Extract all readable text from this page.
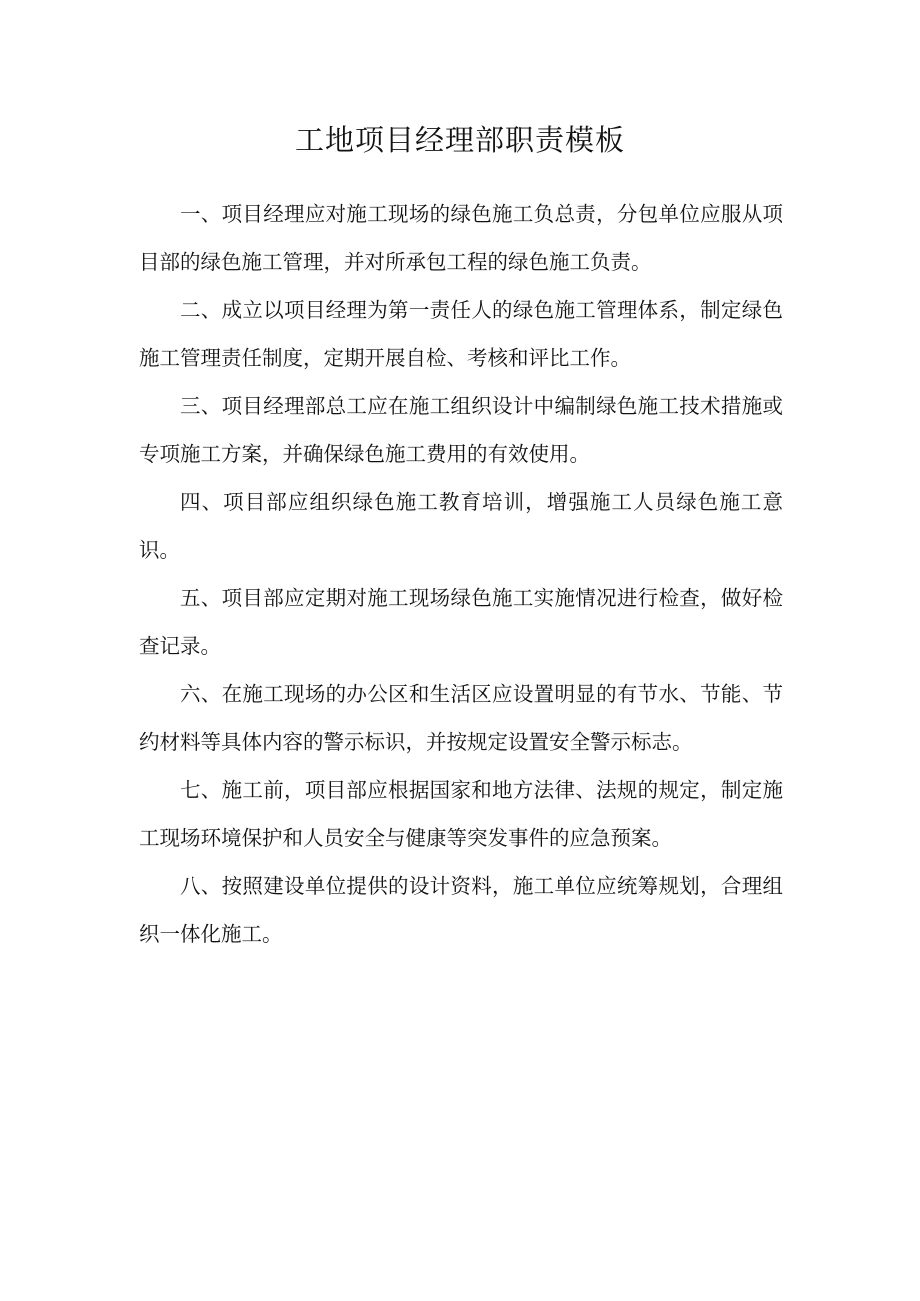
工地项目经理部职责模板

一、项目经理应对施工现场的绿色施工负总责，分包单位应服从项目部的绿色施工管理，并对所承包工程的绿色施工负责。

二、成立以项目经理为第一责任人的绿色施工管理体系，制定绿色施工管理责任制度，定期开展自检、考核和评比工作。

三、项目经理部总工应在施工组织设计中编制绿色施工技术措施或专项施工方案，并确保绿色施工费用的有效使用。

四、项目部应组织绿色施工教育培训，增强施工人员绿色施工意识。

五、项目部应定期对施工现场绿色施工实施情况进行检查，做好检查记录。

六、在施工现场的办公区和生活区应设置明显的有节水、节能、节约材料等具体内容的警示标识，并按规定设置安全警示标志。

七、施工前，项目部应根据国家和地方法律、法规的规定，制定施工现场环境保护和人员安全与健康等突发事件的应急预案。

八、按照建设单位提供的设计资料，施工单位应统筹规划，合理组织一体化施工。
